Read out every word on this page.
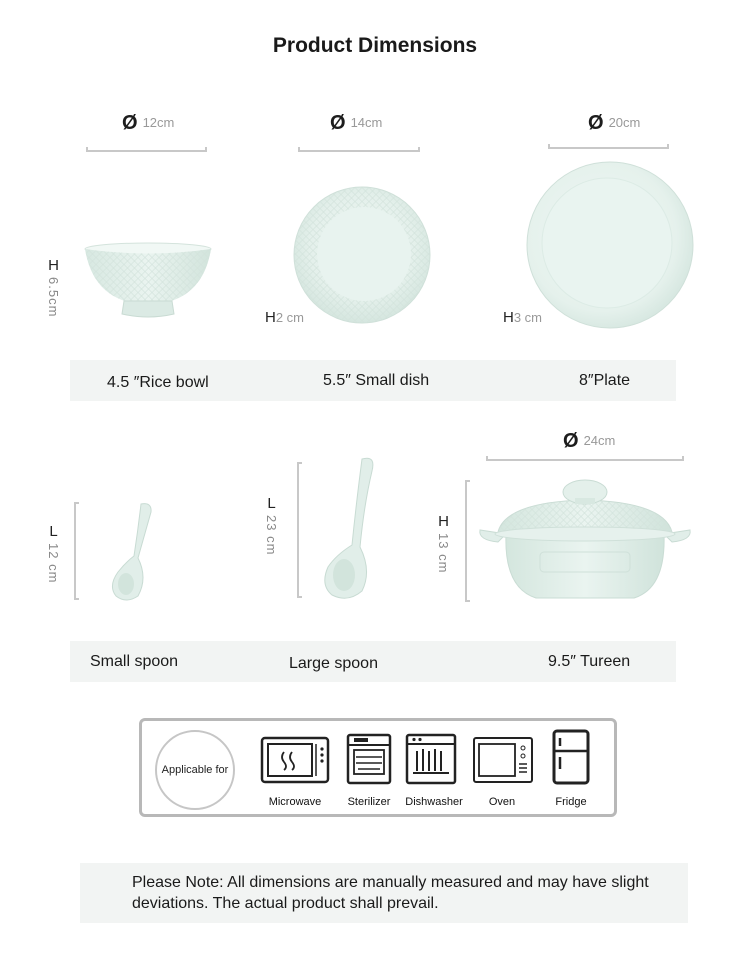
Product Dimensions
Ø 12cm	Ø 14cm	Ø 20cm
H
6.5cm
H2 cm	H3 cm
4.5 ″Rice bowl	5.5″ Small dish	8″Plate
L
12 cm
L
23 cm	H
13 cm
Ø 24cm
Small spoon	Large spoon	9.5″ Tureen
Applicable for
Microwave	Sterilizer	Dishwasher	Oven	Fridge
Please Note: All dimensions are manually measured and may have slight deviations. The actual product shall prevail.
